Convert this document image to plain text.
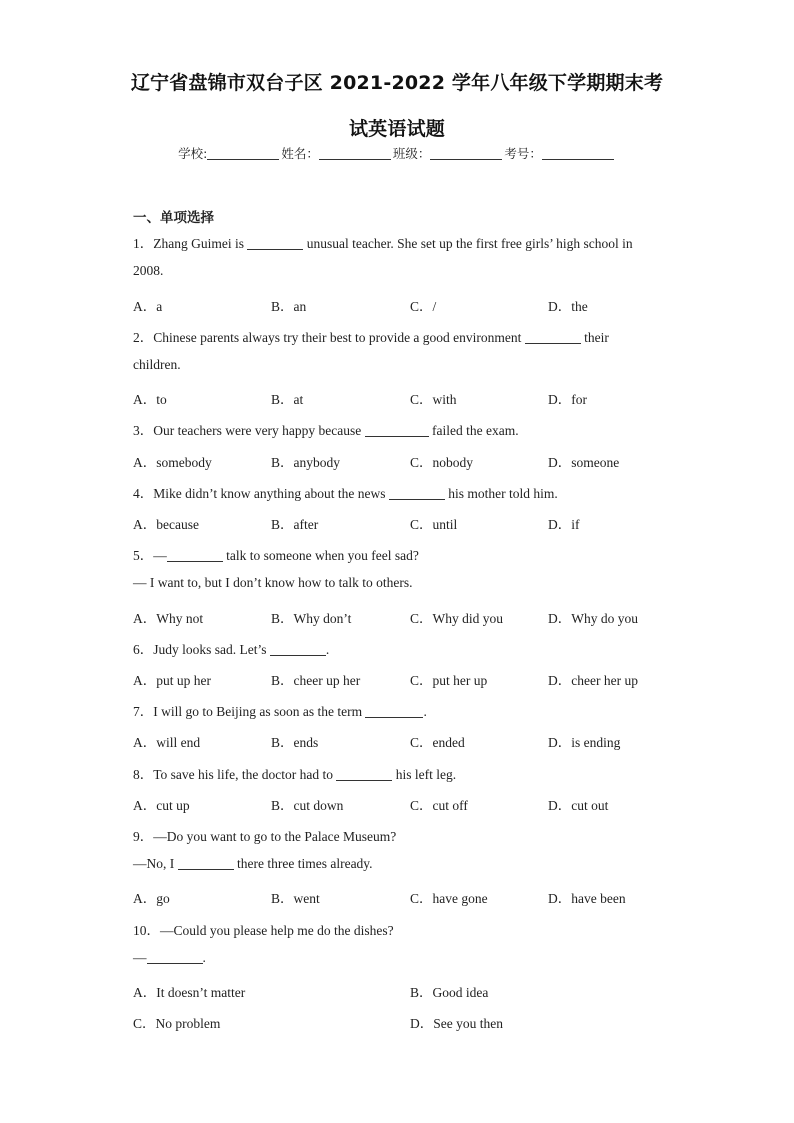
辽宁省盘锦市双台子区 2021-2022 学年八年级下学期期末考
试英语试题
学校:	姓名：	班级：	考号：
一、单项选择
1．Zhang Guimei is	unusual teacher. She set up the first free girls’ high school in
2008.
A．a	B．an	C．/	D．the
2．Chinese parents always try their best to provide a good environment	their
children.
A．to	B．at	C．with	D．for
3．Our teachers were very happy because	failed the exam.
A．somebody	B．anybody	C．nobody	D．someone
4．Mike didn’t know anything about the news	his mother told him.
A．because	B．after	C．until	D．if
5．—	talk to someone when you feel sad?
— I want to, but I don’t know how to talk to others.
A．Why not	B．Why don’t	C．Why did you	D．Why do you
6．Judy looks sad. Let’s	.
A．put up her	B．cheer up her	C．put her up	D．cheer her up
7．I will go to Beijing as soon as the term	.
A．will end	B．ends	C．ended	D．is ending
8．To save his life, the doctor had to	his left leg.
A．cut up	B．cut down	C．cut off	D．cut out
9．—Do you want to go to the Palace Museum?
—No, I	there three times already.
A．go	B．went	C．have gone	D．have been
10．—Could you please help me do the dishes?
—	.
A．It doesn’t matter	B．Good idea
C．No problem	D．See you then
